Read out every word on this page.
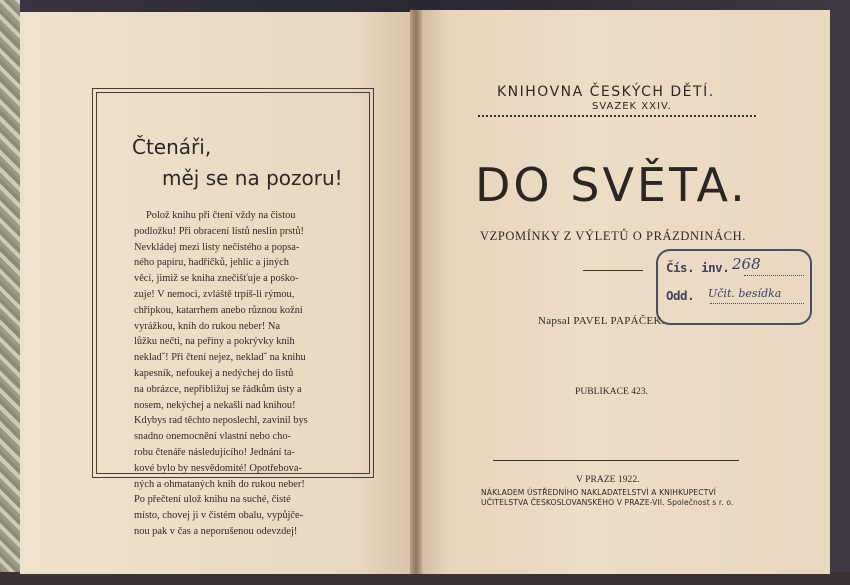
Čtenáři,
měj se na pozoru!
Polož knihu při čtení vždy na čistou
podložku! Při obracení listů neslin prstů!
Nevkládej mezi listy nečistého a popsa-
ného papíru, hadříčků, jehlic a jiných
věcí, jimiž se kniha znečišťuje a pośko-
zuje! V nemoci, zvláště trpíš-li rýmou,
chřipkou, katarrhem anebo různou kožní
vyrážkou, knih do rukou neber! Na
lůžku nečti, na peřiny a pokrývky knih
nekladˇ! Při čtení nejez, nekladˇ na knihu
kapesník, nefoukej a nedýchej do listů
na obrázce, nepřibližuj se řádkům ústy a
nosem, nekýchej a nekašli nad knihou!
Kdybys rad těchto neposlechl, zavinil bys
snadno onemocnění vlastní nebo cho-
robu čtenáře následujícího! Jednání ta-
kové bylo by nesvědomité! Opotřebova-
ných a ohmataných knih do rukou neber!
Po přečtení ulož knihu na suché, čisté
místo, chovej ji v čistém obalu, vypůjče-
nou pak v čas a neporušenou odevzdej!
KNIHOVNA ČESKÝCH DĚTÍ.
SVAZEK XXIV.
DO SVĚTA.
VZPOMÍNKY Z VÝLETŮ O PRÁZDNINÁCH.
Napsal PAVEL PAPÁČEK.
PUBLIKACE 423.
V PRAZE 1922.
NÁKLADEM ÚSTŘEDNÍHO NAKLADATELSTVÍ A KNIHKUPECTVÍ
UČITELSTVA ČESKOSLOVANSKÉHO V PRAZE-VII. Společnost s r. o.
Čís. inv.
Odd.
268
Učit. besídka
